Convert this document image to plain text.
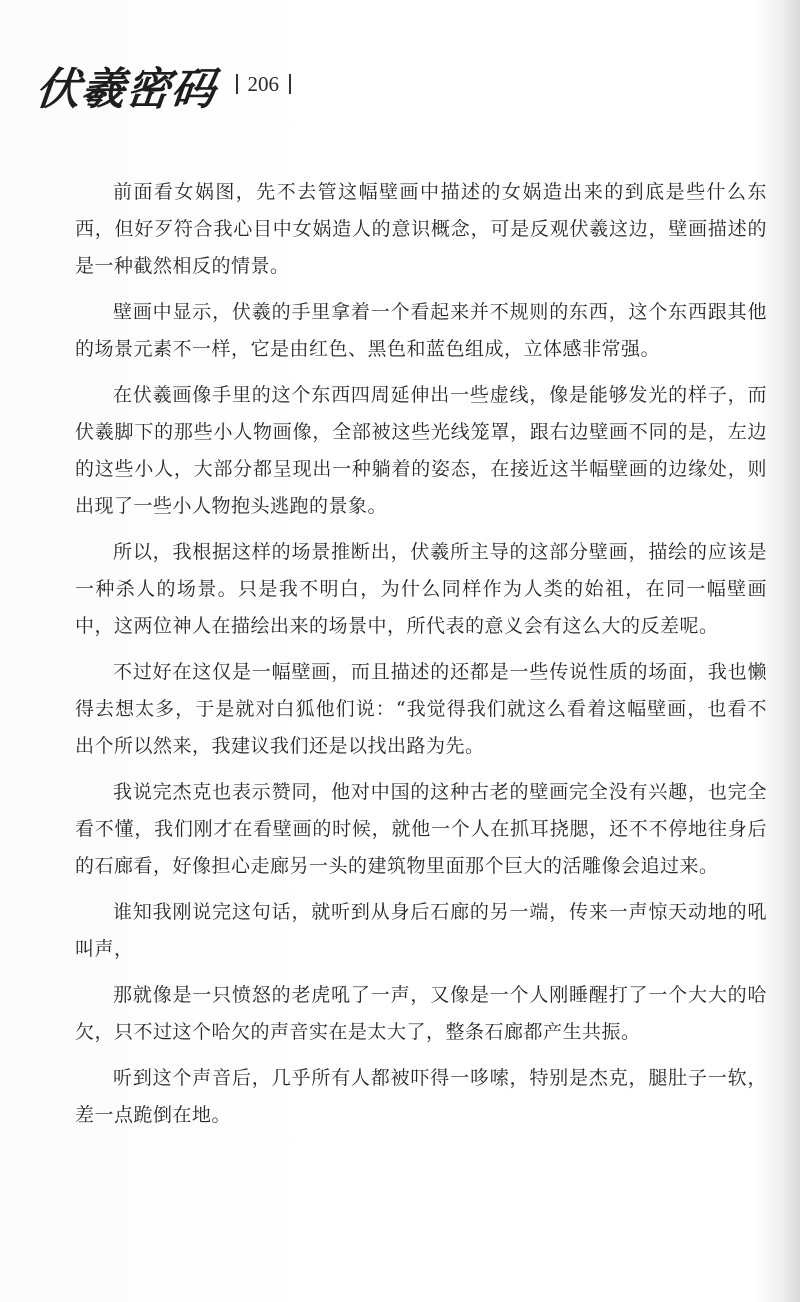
伏羲密码 206

前面看女娲图，先不去管这幅壁画中描述的女娲造出来的到底是些什么东西，但好歹符合我心目中女娲造人的意识概念，可是反观伏羲这边，壁画描述的是一种截然相反的情景。

壁画中显示，伏羲的手里拿着一个看起来并不规则的东西，这个东西跟其他的场景元素不一样，它是由红色、黑色和蓝色组成，立体感非常强。

在伏羲画像手里的这个东西四周延伸出一些虚线，像是能够发光的样子，而伏羲脚下的那些小人物画像，全部被这些光线笼罩，跟右边壁画不同的是，左边的这些小人，大部分都呈现出一种躺着的姿态，在接近这半幅壁画的边缘处，则出现了一些小人物抱头逃跑的景象。

所以，我根据这样的场景推断出，伏羲所主导的这部分壁画，描绘的应该是一种杀人的场景。只是我不明白，为什么同样作为人类的始祖，在同一幅壁画中，这两位神人在描绘出来的场景中，所代表的意义会有这么大的反差呢。

不过好在这仅是一幅壁画，而且描述的还都是一些传说性质的场面，我也懒得去想太多，于是就对白狐他们说：“我觉得我们就这么看着这幅壁画，也看不出个所以然来，我建议我们还是以找出路为先。

我说完杰克也表示赞同，他对中国的这种古老的壁画完全没有兴趣，也完全看不懂，我们刚才在看壁画的时候，就他一个人在抓耳挠腮，还不不停地往身后的石廊看，好像担心走廊另一头的建筑物里面那个巨大的活雕像会追过来。

谁知我刚说完这句话，就听到从身后石廊的另一端，传来一声惊天动地的吼叫声，

那就像是一只愤怒的老虎吼了一声，又像是一个人刚睡醒打了一个大大的哈欠，只不过这个哈欠的声音实在是太大了，整条石廊都产生共振。

听到这个声音后，几乎所有人都被吓得一哆嗦，特别是杰克，腿肚子一软，差一点跪倒在地。
